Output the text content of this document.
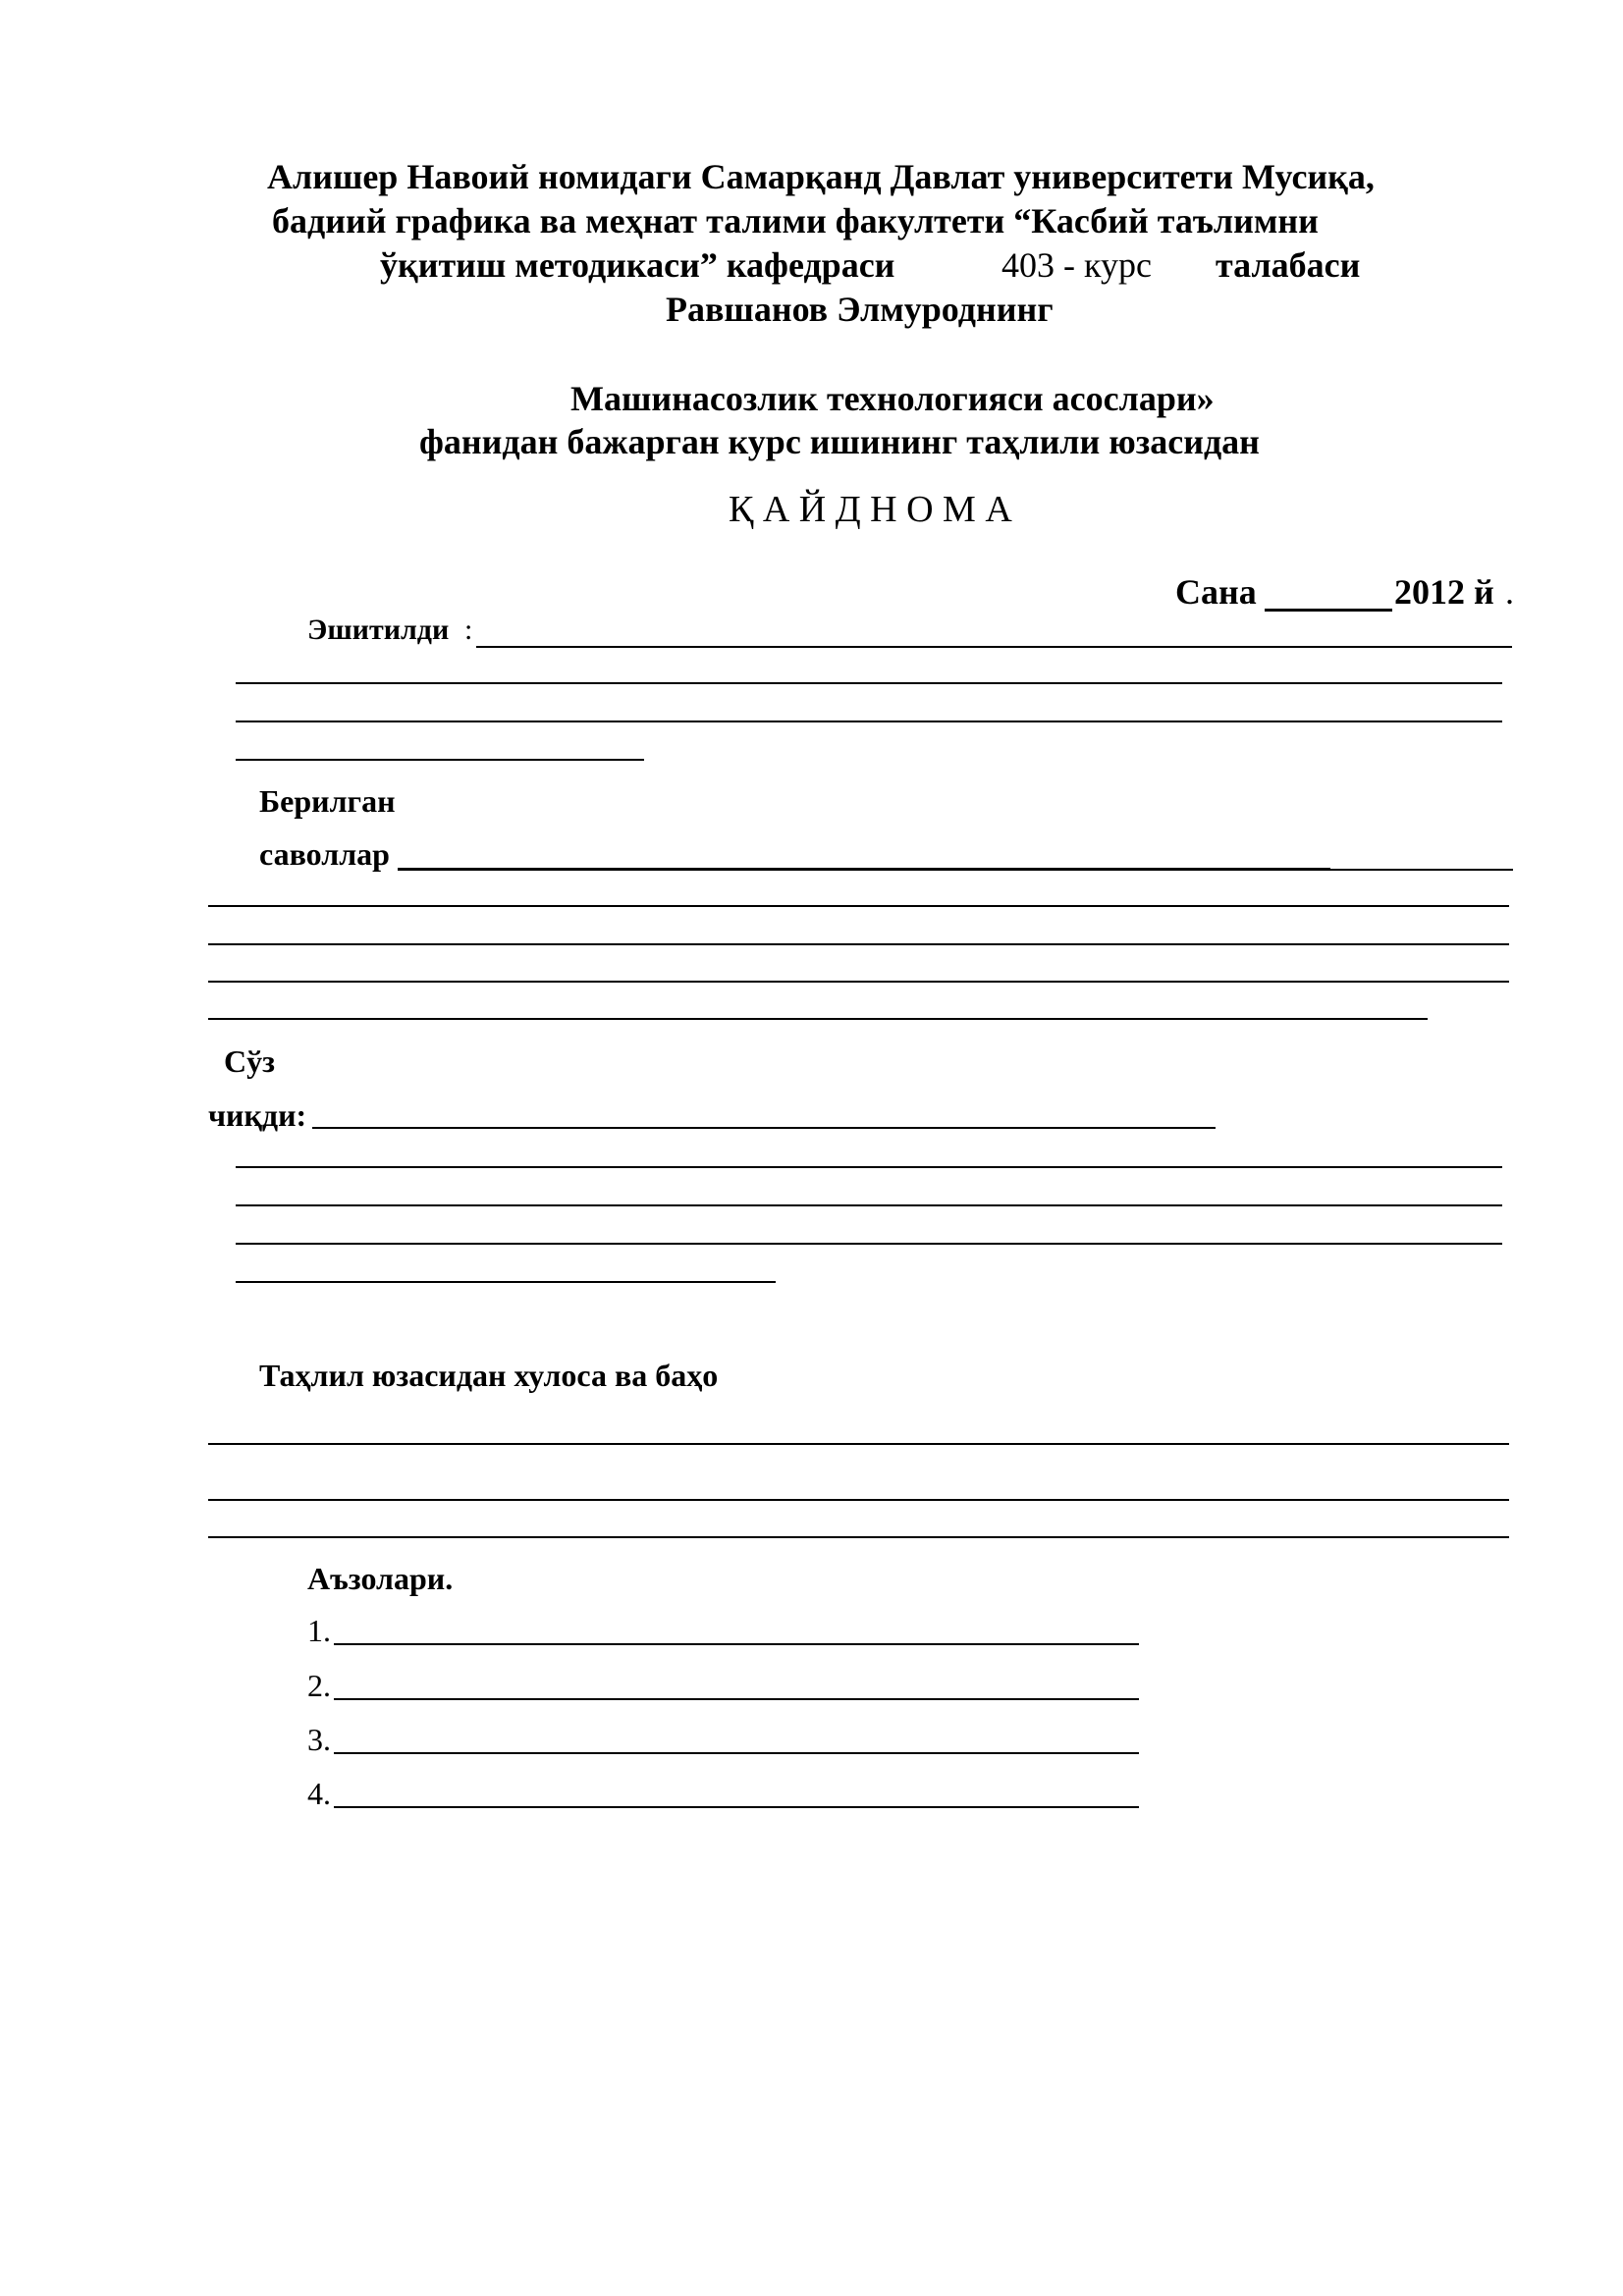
Алишер Навоий номидаги Самарқанд Давлат университети Мусиқа,
бадиий графика ва меҳнат талими факултети “Касбий таълимни
ўқитиш методикаси” кафедраси	403 - курс талабаси
Равшанов Элмуроднинг
Машинасозлик технологияси асослари»
фанидан бажарган курс ишининг таҳлили юзасидан
Қ А Й Д Н О М А
Сана	2012 й .
Эшитилди :
Берилган
саволлар
Сўз
чиқди:
Таҳлил юзасидан хулоса ва баҳо
Аъзолари.
1.
2.
3.
4.
